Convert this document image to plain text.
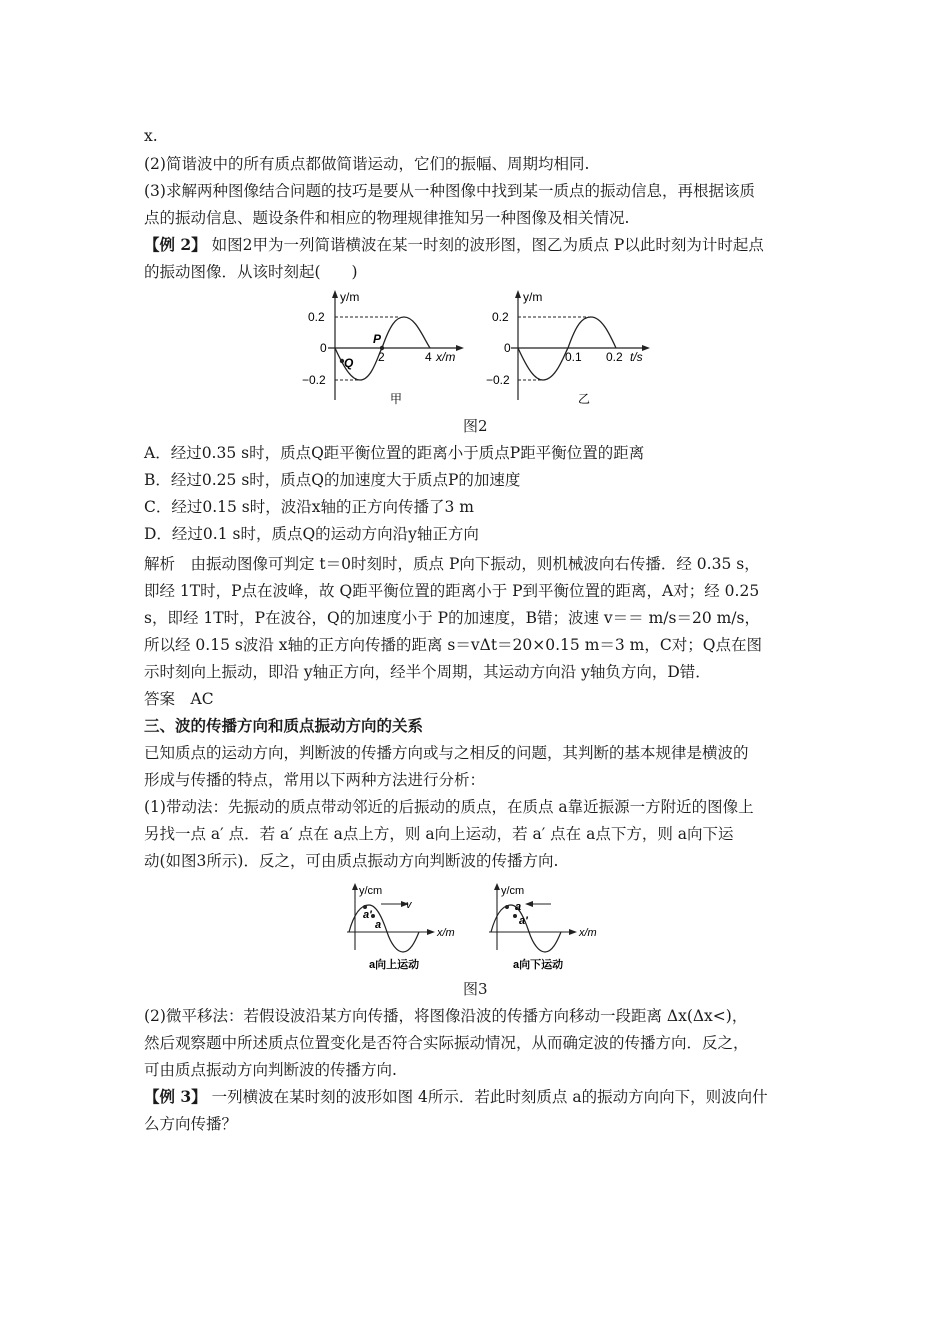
x.
(2)简谐波中的所有质点都做简谐运动，它们的振幅、周期均相同.
(3)求解两种图像结合问题的技巧是要从一种图像中找到某一质点的振动信息，再根据该质
点的振动信息、题设条件和相应的物理规律推知另一种图像及相关情况.
【例 2】 如图2甲为一列简谐横波在某一时刻的波形图，图乙为质点 P以此时刻为计时起点
的振动图像．从该时刻起(　　)
y/m
x/m
0.2
0
−0.2
2	4
P
Q
甲
y/m
t/s
0.2
0
−0.2
0.1 0.2
乙
图2
A．经过0.35 s时，质点Q距平衡位置的距离小于质点P距平衡位置的距离
B．经过0.25 s时，质点Q的加速度大于质点P的加速度
C．经过0.15 s时，波沿x轴的正方向传播了3 m
D．经过0.1 s时，质点Q的运动方向沿y轴正方向
解析　由振动图像可判定 t＝0时刻时，质点 P向下振动，则机械波向右传播．经 0.35 s，
即经 1T时，P点在波峰，故 Q距平衡位置的距离小于 P到平衡位置的距离，A对；经 0.25
s，即经 1T时，P在波谷，Q的加速度小于 P的加速度，B错；波速 v＝＝ m/s＝20 m/s，
所以经 0.15 s波沿 x轴的正方向传播的距离 s＝vΔt＝20×0.15 m＝3 m，C对；Q点在图
示时刻向上振动，即沿 y轴正方向，经半个周期，其运动方向沿 y轴负方向，D错．
答案　AC
三、波的传播方向和质点振动方向的关系
已知质点的运动方向，判断波的传播方向或与之相反的问题，其判断的基本规律是横波的
形成与传播的特点，常用以下两种方法进行分析：
(1)带动法：先振动的质点带动邻近的后振动的质点，在质点 a靠近振源一方附近的图像上
另找一点 a′ 点．若 a′ 点在 a点上方，则 a向上运动，若 a′ 点在 a点下方，则 a向下运
动(如图3所示)．反之，可由质点振动方向判断波的传播方向.
y/cm
x/m
v
a′
a
a向上运动
y/cm
x/m
a
a′
a向下运动
图3
(2)微平移法：若假设波沿某方向传播，将图像沿波的传播方向移动一段距离 Δx(Δx<)，
然后观察题中所述质点位置变化是否符合实际振动情况，从而确定波的传播方向．反之，
可由质点振动方向判断波的传播方向.
【例 3】 一列横波在某时刻的波形如图 4所示．若此时刻质点 a的振动方向向下，则波向什
么方向传播？
